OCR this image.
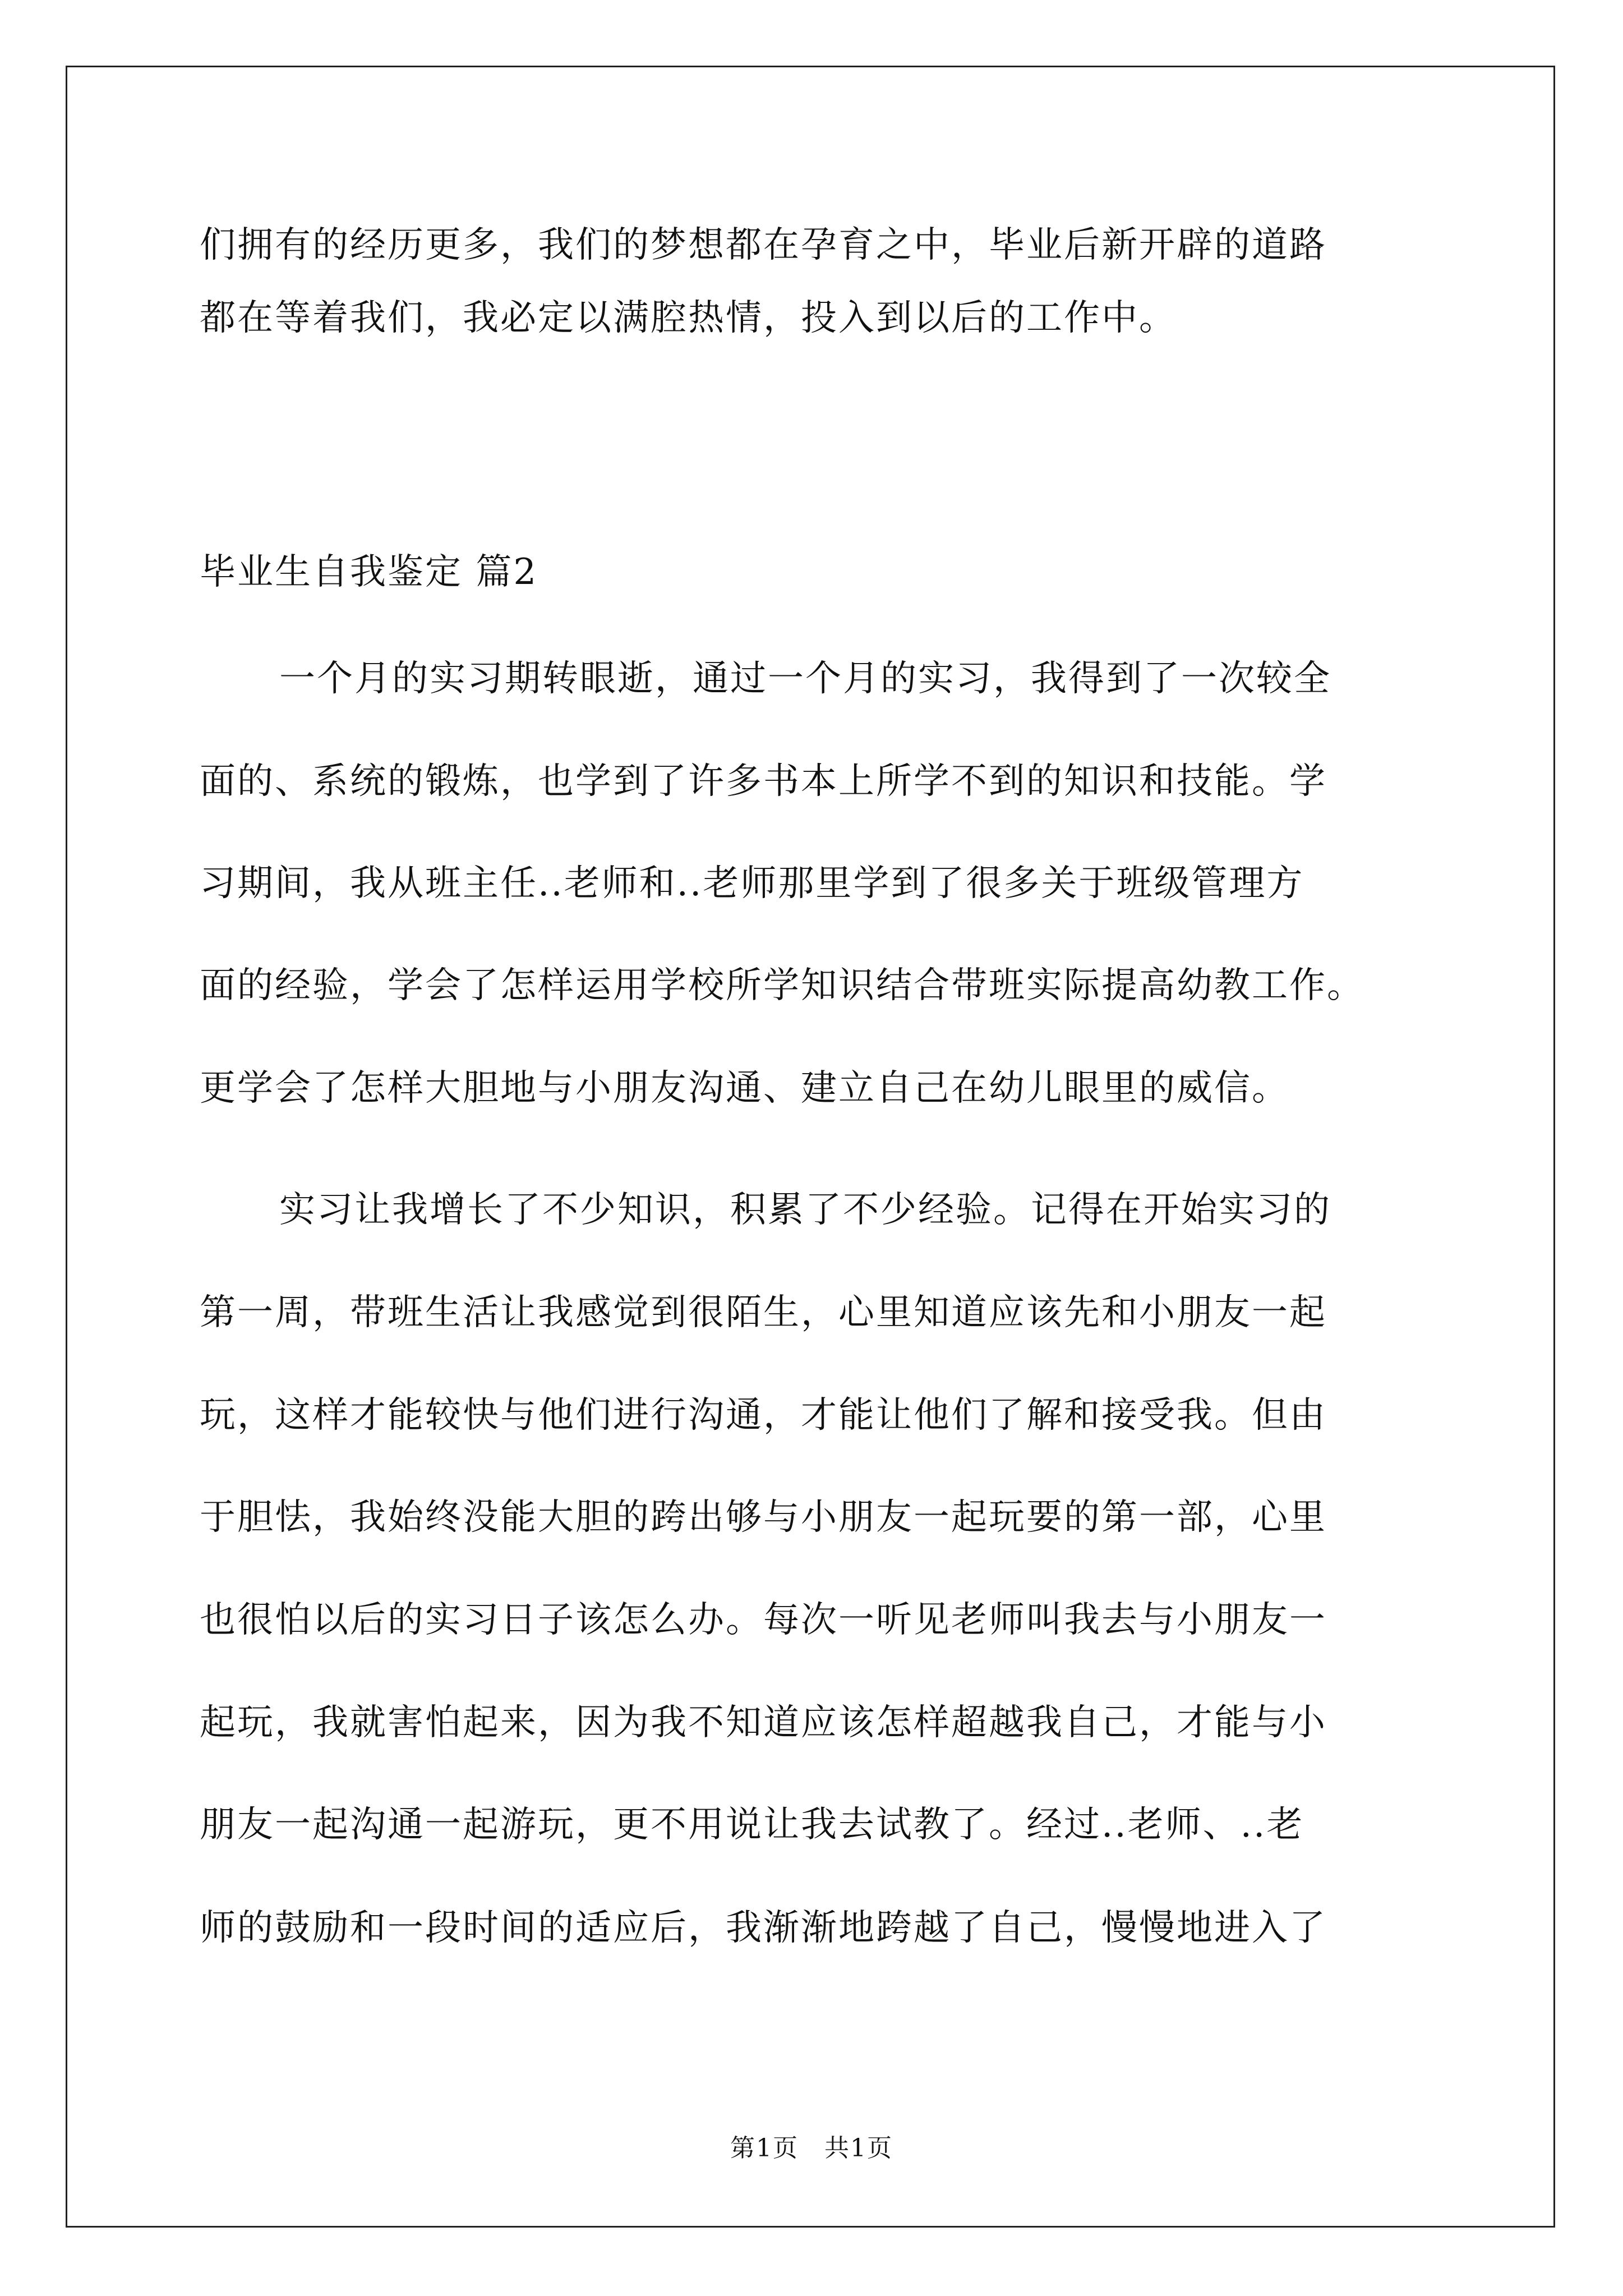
们拥有的经历更多，我们的梦想都在孕育之中，毕业后新开辟的道路
都在等着我们，我必定以满腔热情，投入到以后的工作中。
毕业生自我鉴定 篇2
一个月的实习期转眼逝，通过一个月的实习，我得到了一次较全
面的、系统的锻炼，也学到了许多书本上所学不到的知识和技能。学
习期间，我从班主任..老师和..老师那里学到了很多关于班级管理方
面的经验，学会了怎样运用学校所学知识结合带班实际提高幼教工作。
更学会了怎样大胆地与小朋友沟通、建立自己在幼儿眼里的威信。
实习让我增长了不少知识，积累了不少经验。记得在开始实习的
第一周，带班生活让我感觉到很陌生，心里知道应该先和小朋友一起
玩，这样才能较快与他们进行沟通，才能让他们了解和接受我。但由
于胆怯，我始终没能大胆的跨出够与小朋友一起玩要的第一部，心里
也很怕以后的实习日子该怎么办。每次一听见老师叫我去与小朋友一
起玩，我就害怕起来，因为我不知道应该怎样超越我自己，才能与小
朋友一起沟通一起游玩，更不用说让我去试教了。经过..老师、..老
师的鼓励和一段时间的适应后，我渐渐地跨越了自己，慢慢地进入了
第1页　共1页
